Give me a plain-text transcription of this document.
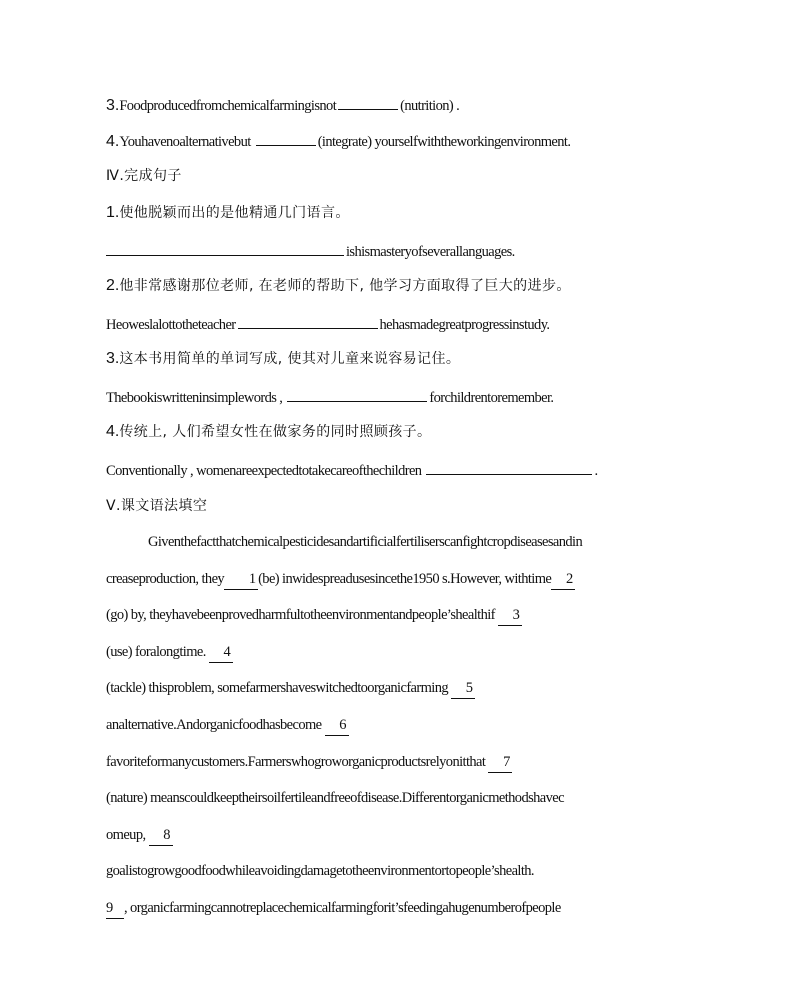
3.Foodproducedfromchemicalfarmingisnot	(nutrition) .
4.Youhavenoalternativebut	(integrate) yourselfwiththeworkingenvironment.
Ⅳ.完成句子
1.使他脱颖而出的是他精通几门语言。
ishismasteryofseverallanguages.
2.他非常感谢那位老师, 在老师的帮助下, 他学习方面取得了巨大的进步。
Heoweslalottotheteacher	hehasmadegreatprogressinstudy.
3.这本书用简单的单词写成, 使其对儿童来说容易记住。
Thebookiswritteninsimplewords ,	forchildrentoremember.
4.传统上, 人们希望女性在做家务的同时照顾孩子。
Conventionally , womenareexpectedtotakecareofthechildren	.
Ⅴ.课文语法填空
Giventhefactthatchemicalpesticidesandartificialfertiliserscanfightcropdiseasesandin
creaseproduction, they 1 (be) inwidespreadusesincethe1950 s.However, withtime 2
(go) by, theyhavebeenprovedharmfultotheenvironmentandpeople’shealthif 3
(use) foralongtime. 4
(tackle) thisproblem, somefarmershaveswitchedtoorganicfarming 5
analternative.Andorganicfoodhasbecome 6
favoriteformanycustomers.Farmerswhogroworganicproductsrelyonitthat 7
(nature) meanscouldkeeptheirsoilfertileandfreeofdisease.Differentorganicmethodshavec
omeup, 8
goalistogrowgoodfoodwhileavoidingdamagetotheenvironmentortopeople’shealth.
9 , organicfarmingcannotreplacechemicalfarmingforit’sfeedingahugenumberofpeople
